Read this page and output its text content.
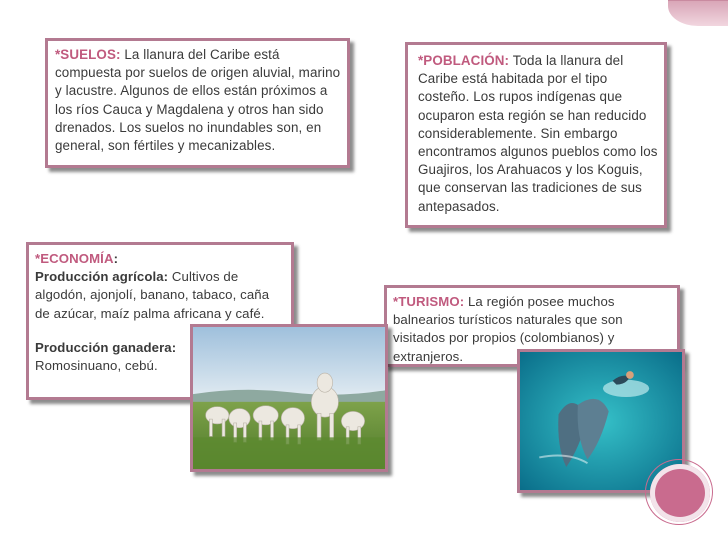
*SUELOS: La llanura del Caribe está compuesta por suelos de origen aluvial, marino y lacustre. Algunos de ellos están próximos a los ríos Cauca y Magdalena y otros han sido drenados. Los suelos no inundables son, en general, son fértiles y mecanizables.

*POBLACIÓN: Toda la llanura del Caribe está habitada por el tipo costeño. Los rupos indígenas que ocuparon esta región se han reducido considerablemente. Sin embargo encontramos algunos pueblos como los Guajiros, los Arahuacos y los Koguis, que conservan las tradiciones de sus antepasados.

*ECONOMÍA:

Producción agrícola: Cultivos de algodón, ajonjolí, banano, tabaco, caña de azúcar, maíz palma africana y café.

Producción ganadera:
Romosinuano, cebú.

*TURISMO: La región posee muchos balnearios turísticos naturales que son visitados por propios (colombianos) y extranjeros.
